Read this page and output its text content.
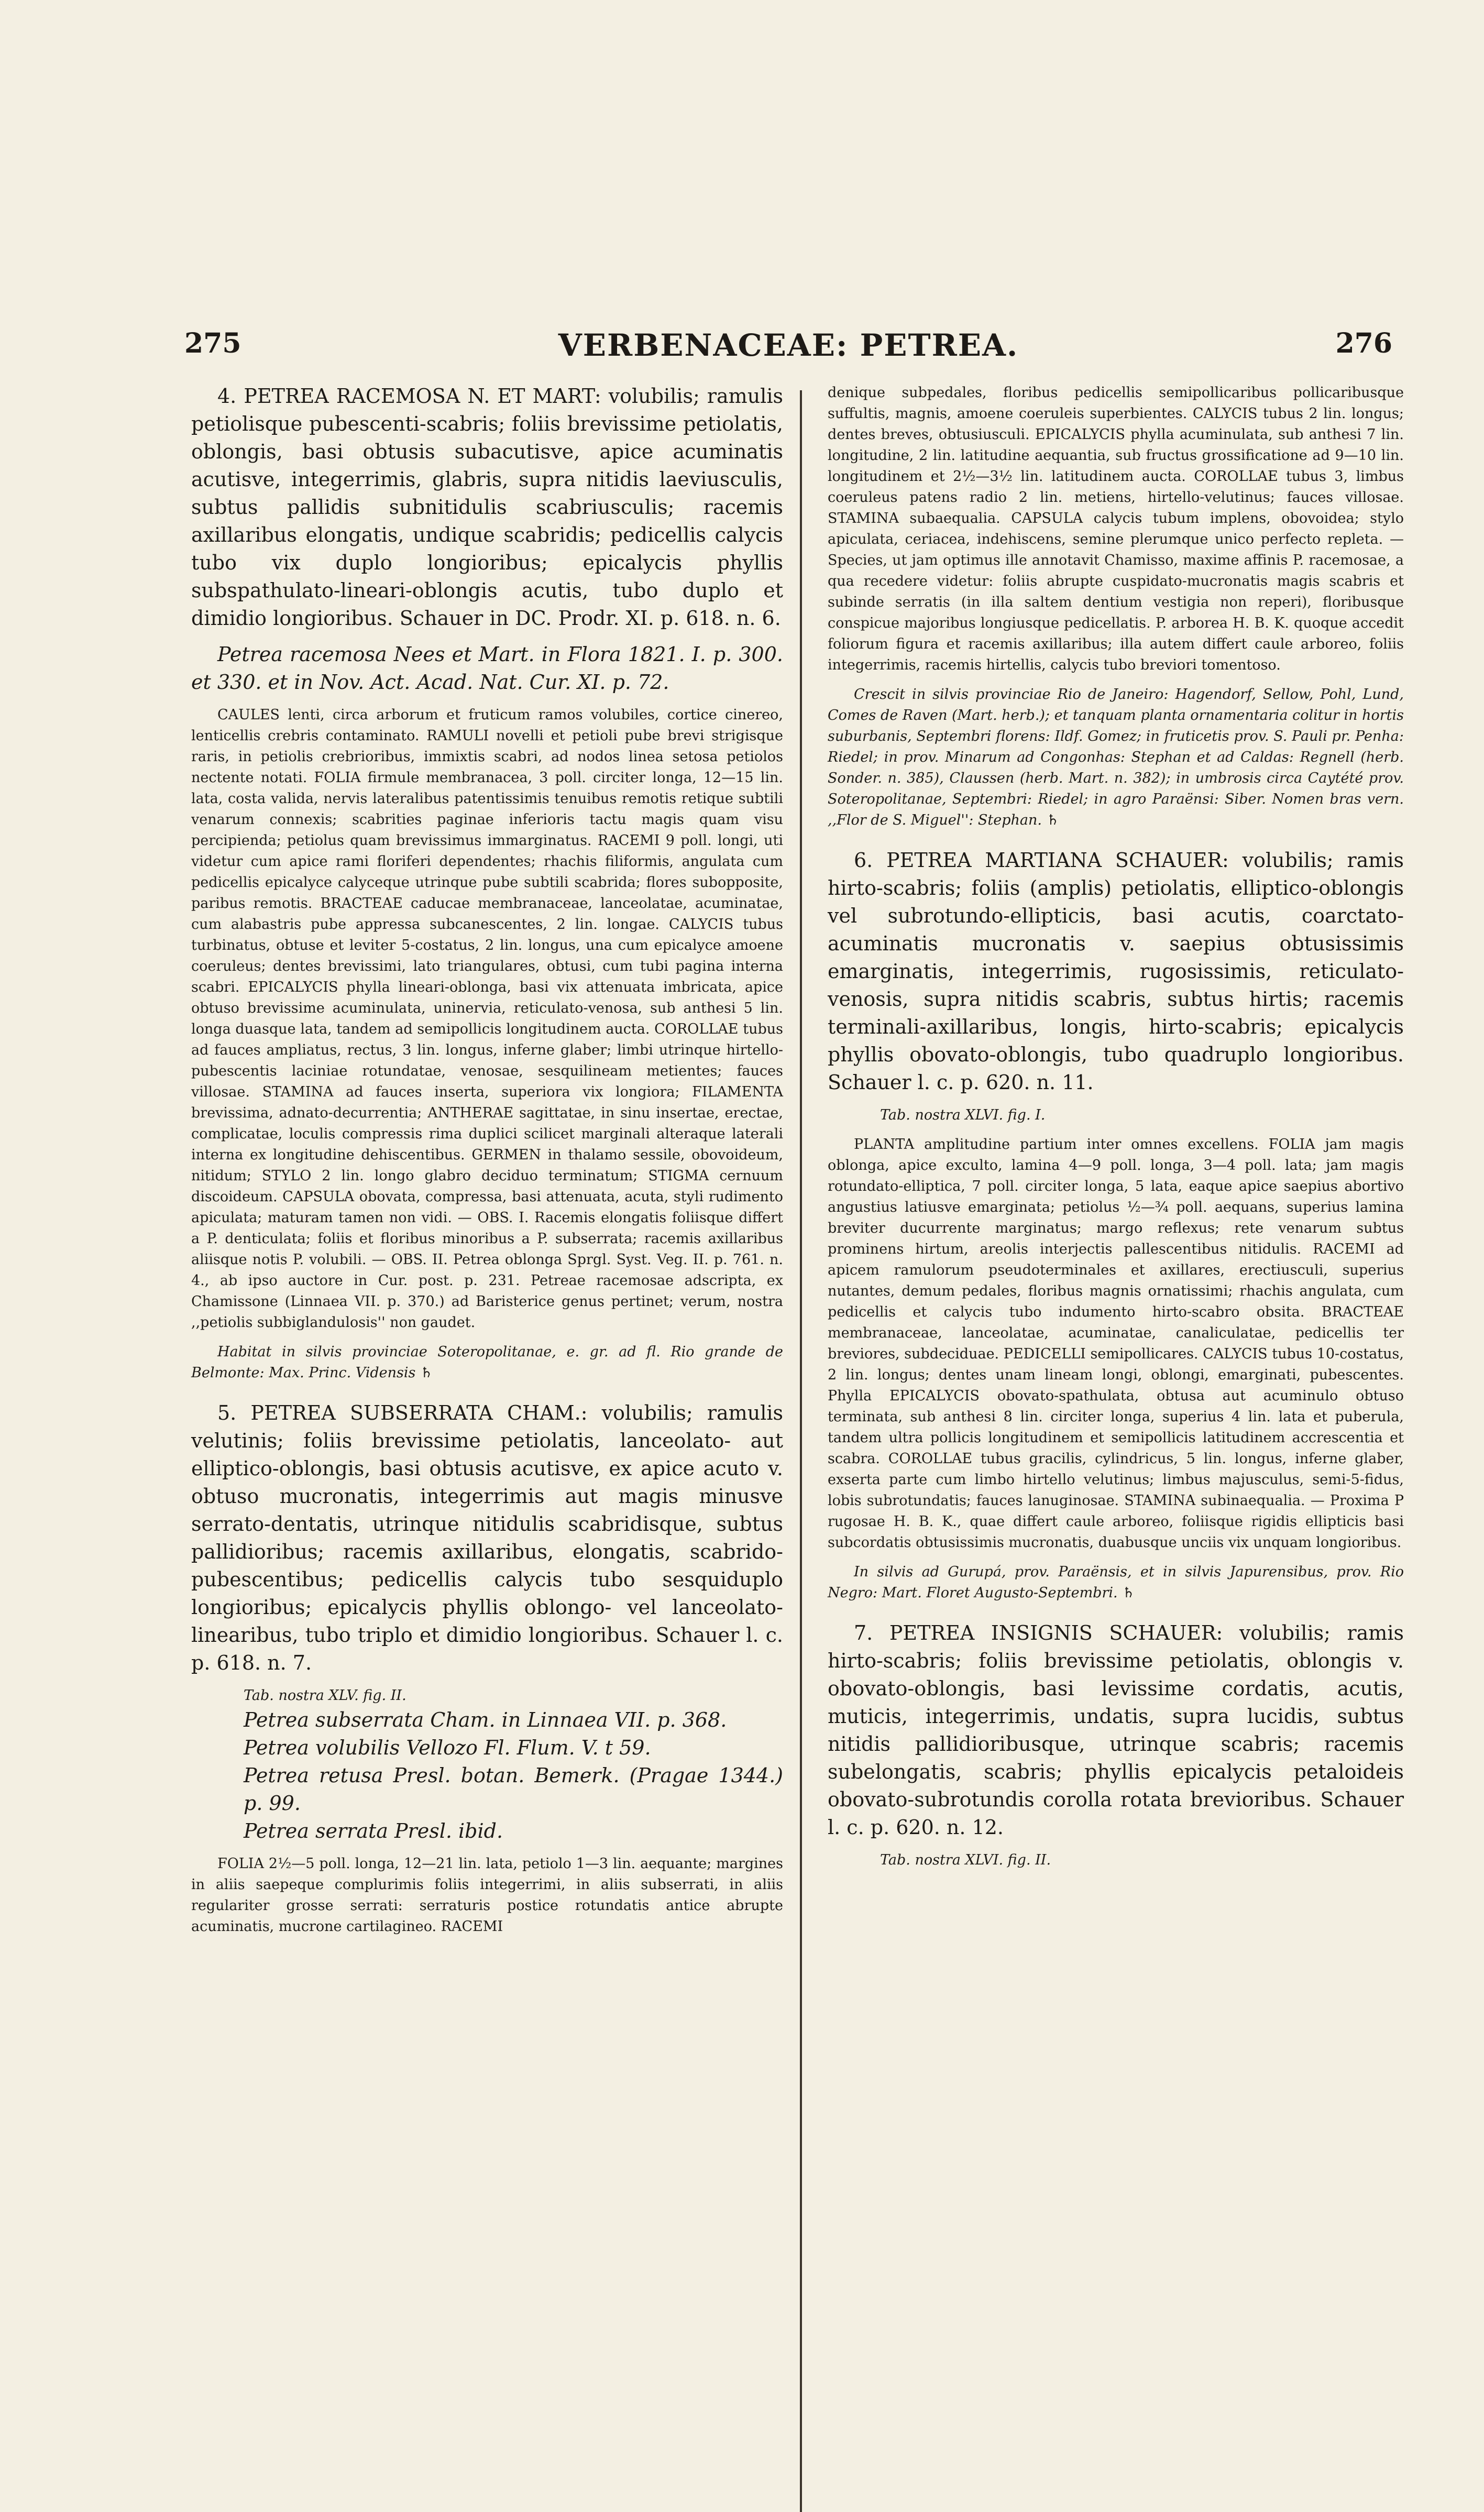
275	VERBENACEAE: PETREA.	276

4. PETREA RACEMOSA N. ET MART: volubilis; ramulis petiolisque pubescenti-scabris; foliis brevissime petiolatis, oblongis, basi obtusis subacutisve, apice acuminatis acutisve, integerrimis, glabris, supra nitidis laeviusculis, subtus pallidis subnitidulis scabriusculis; racemis axillaribus elongatis, undique scabridis; pedicellis calycis tubo vix duplo longioribus; epicalycis phyllis subspathulato-lineari-oblongis acutis, tubo duplo et dimidio longioribus. Schauer in DC. Prodr. XI. p. 618. n. 6.

Petrea racemosa Nees et Mart. in Flora 1821. I. p. 300. et 330. et in Nov. Act. Acad. Nat. Cur. XI. p. 72.

CAULES lenti, circa arborum et fruticum ramos volubiles, cortice cinereo, lenticellis crebris contaminato. RAMULI novelli et petioli pube brevi strigisque raris, in petiolis crebrioribus, immixtis scabri, ad nodos linea setosa petiolos nectente notati. FOLIA firmule membranacea, 3 poll. circiter longa, 12—15 lin. lata, costa valida, nervis lateralibus patentissimis tenuibus remotis retique subtili venarum connexis; scabrities paginae inferioris tactu magis quam visu percipienda; petiolus quam brevissimus immarginatus. RACEMI 9 poll. longi, uti videtur cum apice rami floriferi dependentes; rhachis filiformis, angulata cum pedicellis epicalyce calyceque utrinque pube subtili scabrida; flores subopposite, paribus remotis. BRACTEAE caducae membranaceae, lanceolatae, acuminatae, cum alabastris pube appressa subcanescentes, 2 lin. longae. CALYCIS tubus turbinatus, obtuse et leviter 5-costatus, 2 lin. longus, una cum epicalyce amoene coeruleus; dentes brevissimi, lato triangulares, obtusi, cum tubi pagina interna scabri. EPICALYCIS phylla lineari-oblonga, basi vix attenuata imbricata, apice obtuso brevissime acuminulata, uninervia, reticulato-venosa, sub anthesi 5 lin. longa duasque lata, tandem ad semipollicis longitudinem aucta. COROLLAE tubus ad fauces ampliatus, rectus, 3 lin. longus, inferne glaber; limbi utrinque hirtello-pubescentis laciniae rotundatae, venosae, sesquilineam metientes; fauces villosae. STAMINA ad fauces inserta, superiora vix longiora; FILAMENTA brevissima, adnato-decurrentia; ANTHERAE sagittatae, in sinu insertae, erectae, complicatae, loculis compressis rima duplici scilicet marginali alteraque laterali interna ex longitudine dehiscentibus. GERMEN in thalamo sessile, obovoideum, nitidum; STYLO 2 lin. longo glabro deciduo terminatum; STIGMA cernuum discoideum. CAPSULA obovata, compressa, basi attenuata, acuta, styli rudimento apiculata; maturam tamen non vidi. — OBS. I. Racemis elongatis foliisque differt a P. denticulata; foliis et floribus minoribus a P. subserrata; racemis axillaribus aliisque notis P. volubili. — OBS. II. Petrea oblonga Sprgl. Syst. Veg. II. p. 761. n. 4., ab ipso auctore in Cur. post. p. 231. Petreae racemosae adscripta, ex Chamissone (Linnaea VII. p. 370.) ad Baristerice genus pertinet; verum, nostra ,,petiolis subbiglandulosis'' non gaudet.

Habitat in silvis provinciae Soteropolitanae, e. gr. ad fl. Rio grande de Belmonte: Max. Princ. Vidensis ♄

5. PETREA SUBSERRATA CHAM.: volubilis; ramulis velutinis; foliis brevissime petiolatis, lanceolato- aut elliptico-oblongis, basi obtusis acutisve, ex apice acuto v. obtuso mucronatis, integerrimis aut magis minusve serrato-dentatis, utrinque nitidulis scabridisque, subtus pallidioribus; racemis axillaribus, elongatis, scabrido-pubescentibus; pedicellis calycis tubo sesquiduplo longioribus; epicalycis phyllis oblongo- vel lanceolato-linearibus, tubo triplo et dimidio longioribus. Schauer l. c. p. 618. n. 7.

Tab. nostra XLV. fig. II.

Petrea subserrata Cham. in Linnaea VII. p. 368.

Petrea volubilis Vellozo Fl. Flum. V. t 59.

Petrea retusa Presl. botan. Bemerk. (Pragae 1344.) p. 99.

Petrea serrata Presl. ibid.

FOLIA 2½—5 poll. longa, 12—21 lin. lata, petiolo 1—3 lin. aequante; margines in aliis saepeque complurimis foliis integerrimi, in aliis subserrati, in aliis regulariter grosse serrati: serraturis postice rotundatis antice abrupte acuminatis, mucrone cartilagineo. RACEMI

denique subpedales, floribus pedicellis semipollicaribus pollicaribusque suffultis, magnis, amoene coeruleis superbientes. CALYCIS tubus 2 lin. longus; dentes breves, obtusiusculi. EPICALYCIS phylla acuminulata, sub anthesi 7 lin. longitudine, 2 lin. latitudine aequantia, sub fructus grossificatione ad 9—10 lin. longitudinem et 2½—3½ lin. latitudinem aucta. COROLLAE tubus 3, limbus coeruleus patens radio 2 lin. metiens, hirtello-velutinus; fauces villosae. STAMINA subaequalia. CAPSULA calycis tubum implens, obovoidea; stylo apiculata, ceriacea, indehiscens, semine plerumque unico perfecto repleta. — Species, ut jam optimus ille annotavit Chamisso, maxime affinis P. racemosae, a qua recedere videtur: foliis abrupte cuspidato-mucronatis magis scabris et subinde serratis (in illa saltem dentium vestigia non reperi), floribusque conspicue majoribus longiusque pedicellatis. P. arborea H. B. K. quoque accedit foliorum figura et racemis axillaribus; illa autem differt caule arboreo, foliis integerrimis, racemis hirtellis, calycis tubo breviori tomentoso.

Crescit in silvis provinciae Rio de Janeiro: Hagendorf, Sellow, Pohl, Lund, Comes de Raven (Mart. herb.); et tanquam planta ornamentaria colitur in hortis suburbanis, Septembri florens: Ildf. Gomez; in fruticetis prov. S. Pauli pr. Penha: Riedel; in prov. Minarum ad Congonhas: Stephan et ad Caldas: Regnell (herb. Sonder. n. 385), Claussen (herb. Mart. n. 382); in umbrosis circa Caytété prov. Soteropolitanae, Septembri: Riedel; in agro Paraënsi: Siber. Nomen bras vern. ,,Flor de S. Miguel'': Stephan. ♄

6. PETREA MARTIANA SCHAUER: volubilis; ramis hirto-scabris; foliis (amplis) petiolatis, elliptico-oblongis vel subrotundo-ellipticis, basi acutis, coarctato-acuminatis mucronatis v. saepius obtusissimis emarginatis, integerrimis, rugosissimis, reticulato-venosis, supra nitidis scabris, subtus hirtis; racemis terminali-axillaribus, longis, hirto-scabris; epicalycis phyllis obovato-oblongis, tubo quadruplo longioribus. Schauer l. c. p. 620. n. 11.

Tab. nostra XLVI. fig. I.

PLANTA amplitudine partium inter omnes excellens. FOLIA jam magis oblonga, apice exculto, lamina 4—9 poll. longa, 3—4 poll. lata; jam magis rotundato-elliptica, 7 poll. circiter longa, 5 lata, eaque apice saepius abortivo angustius latiusve emarginata; petiolus ½—¾ poll. aequans, superius lamina breviter ducurrente marginatus; margo reflexus; rete venarum subtus prominens hirtum, areolis interjectis pallescentibus nitidulis. RACEMI ad apicem ramulorum pseudoterminales et axillares, erectiusculi, superius nutantes, demum pedales, floribus magnis ornatissimi; rhachis angulata, cum pedicellis et calycis tubo indumento hirto-scabro obsita. BRACTEAE membranaceae, lanceolatae, acuminatae, canaliculatae, pedicellis ter breviores, subdeciduae. PEDICELLI semipollicares. CALYCIS tubus 10-costatus, 2 lin. longus; dentes unam lineam longi, oblongi, emarginati, pubescentes. Phylla EPICALYCIS obovato-spathulata, obtusa aut acuminulo obtuso terminata, sub anthesi 8 lin. circiter longa, superius 4 lin. lata et puberula, tandem ultra pollicis longitudinem et semipollicis latitudinem accrescentia et scabra. COROLLAE tubus gracilis, cylindricus, 5 lin. longus, inferne glaber, exserta parte cum limbo hirtello velutinus; limbus majusculus, semi-5-fidus, lobis subrotundatis; fauces lanuginosae. STAMINA subinaequalia. — Proxima P rugosae H. B. K., quae differt caule arboreo, foliisque rigidis ellipticis basi subcordatis obtusissimis mucronatis, duabusque unciis vix unquam longioribus.

In silvis ad Gurupá, prov. Paraënsis, et in silvis Japurensibus, prov. Rio Negro: Mart. Floret Augusto-Septembri. ♄

7. PETREA INSIGNIS SCHAUER: volubilis; ramis hirto-scabris; foliis brevissime petiolatis, oblongis v. obovato-oblongis, basi levissime cordatis, acutis, muticis, integerrimis, undatis, supra lucidis, subtus nitidis pallidioribusque, utrinque scabris; racemis subelongatis, scabris; phyllis epicalycis petaloideis obovato-subrotundis corolla rotata brevioribus. Schauer l. c. p. 620. n. 12.

Tab. nostra XLVI. fig. II.
